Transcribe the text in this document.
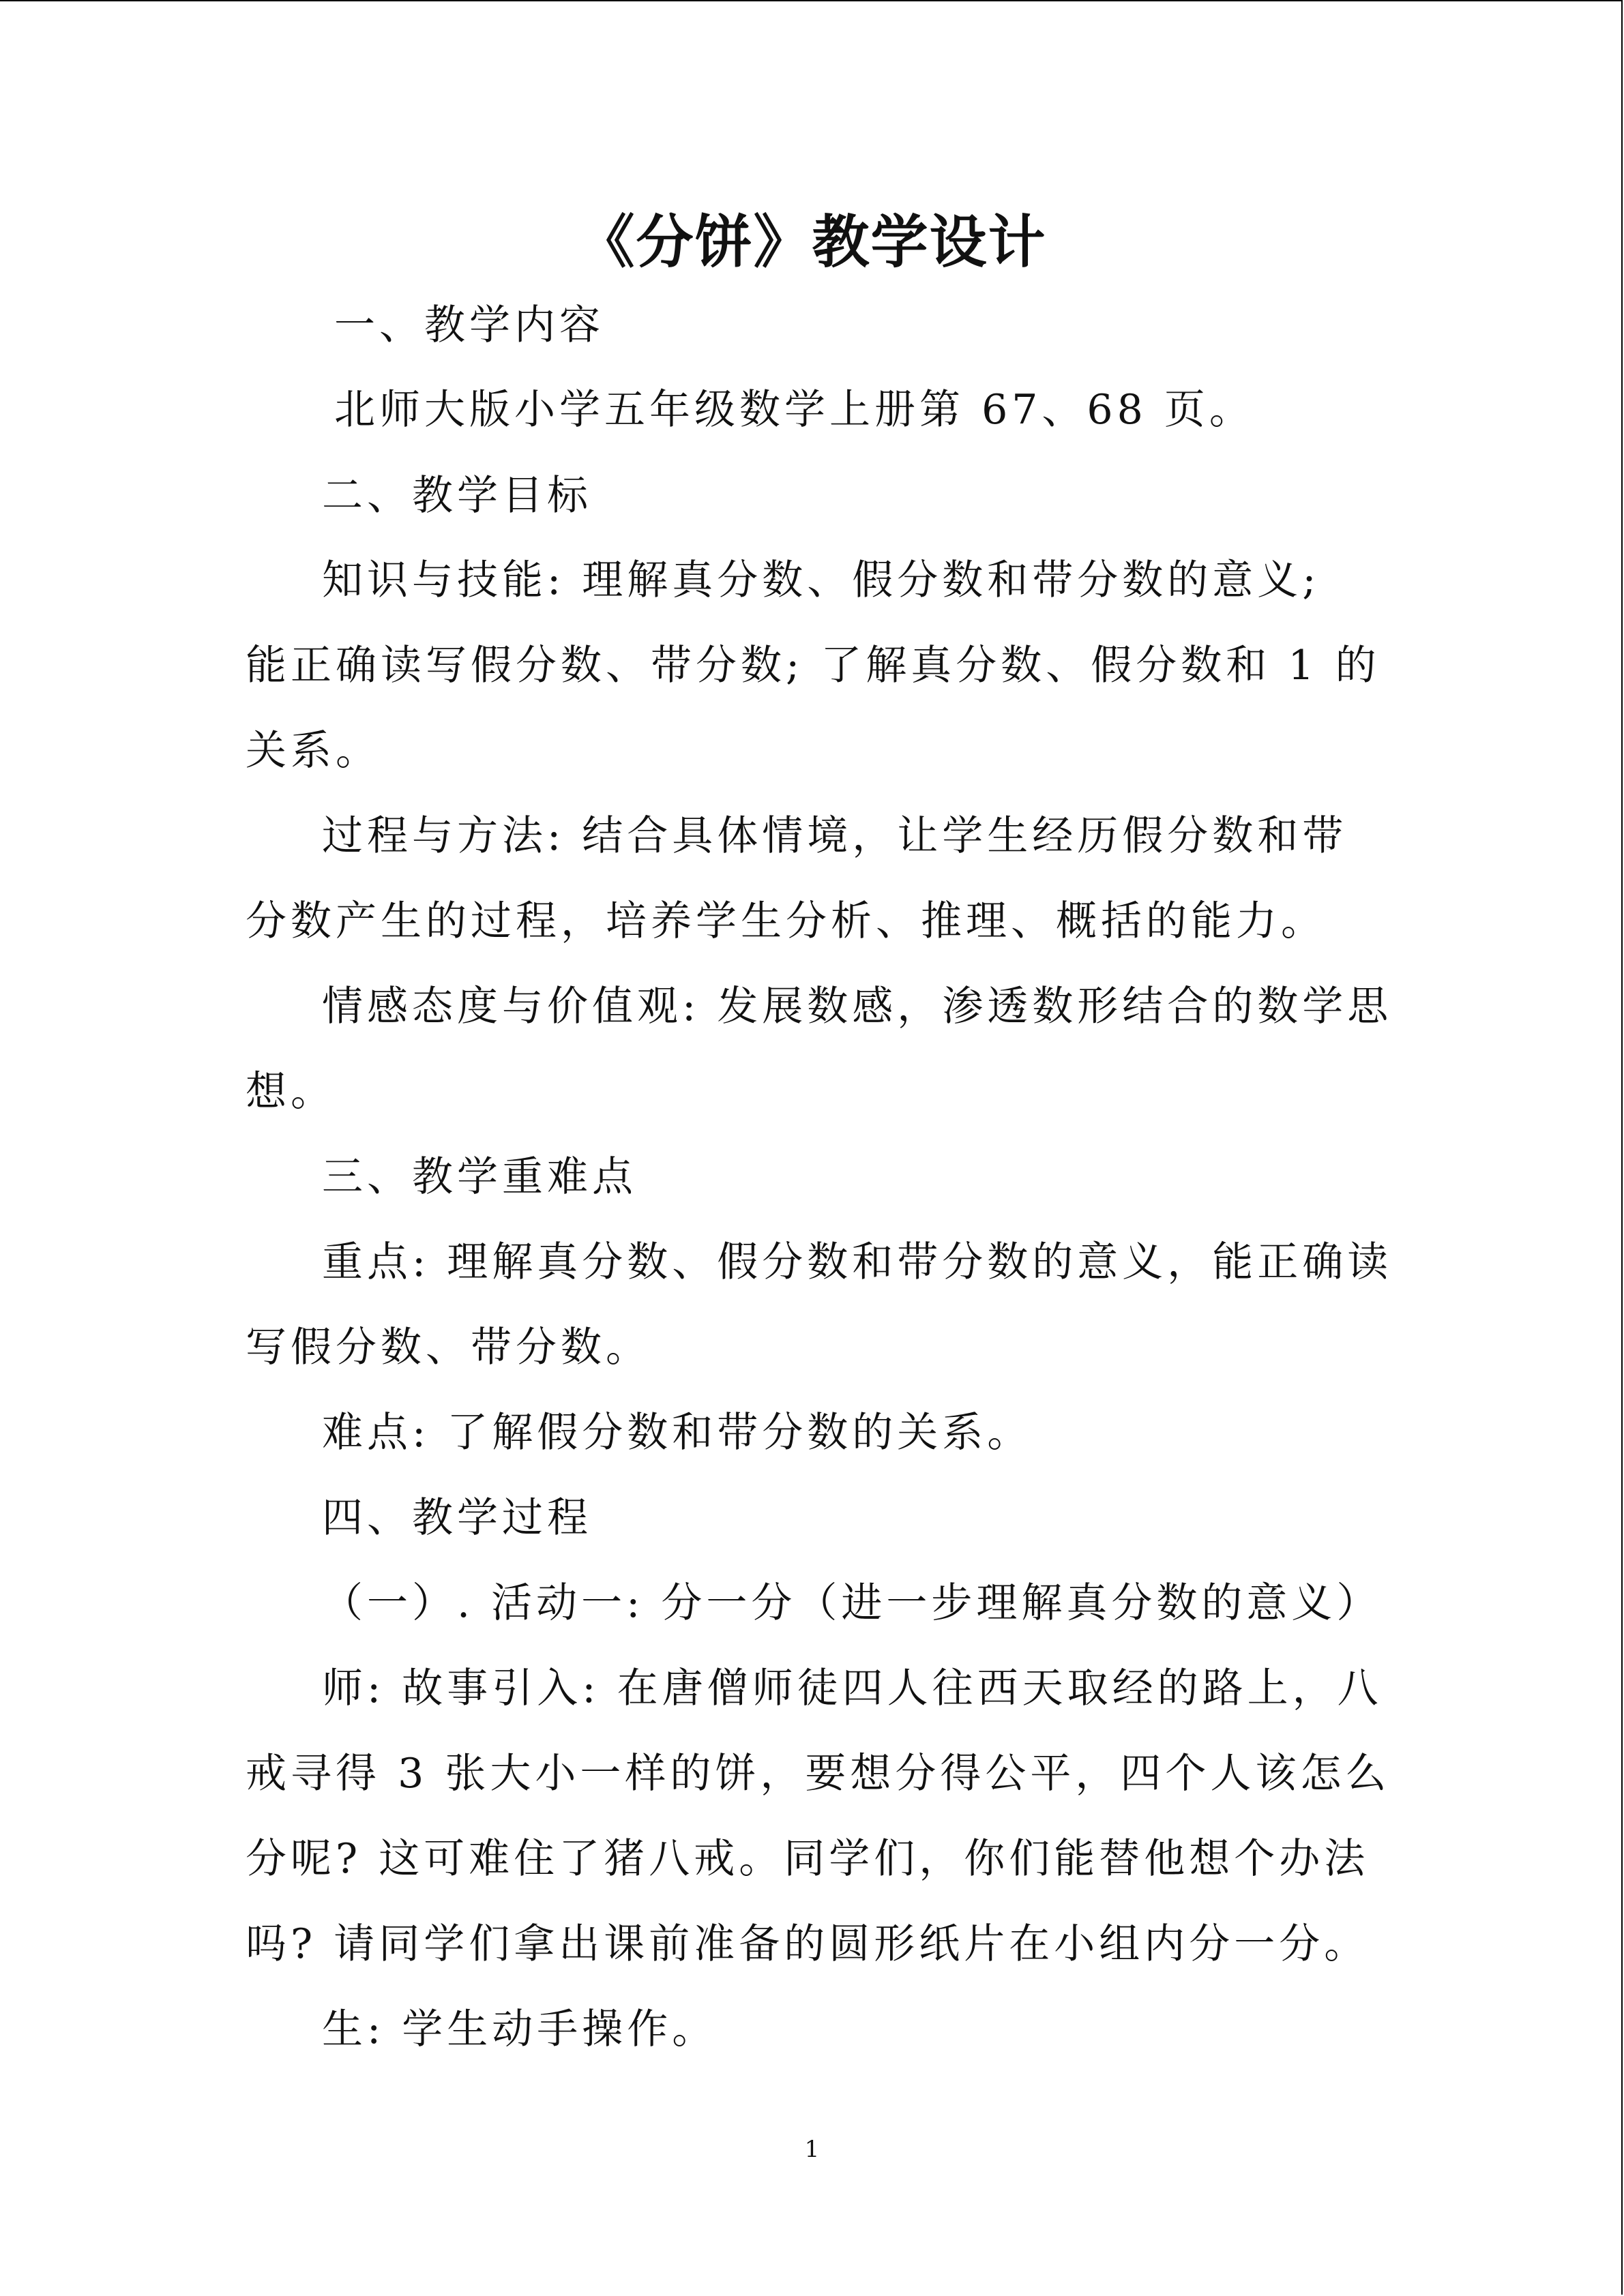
《分饼》教学设计
一、教学内容
北师大版小学五年级数学上册第 67、68 页。
二、教学目标
知识与技能: 理解真分数、假分数和带分数的意义;
能正确读写假分数、带分数; 了解真分数、假分数和 1 的
关系。
过程与方法: 结合具体情境，让学生经历假分数和带
分数产生的过程，培养学生分析、推理、概括的能力。
情感态度与价值观: 发展数感，渗透数形结合的数学思
想。
三、教学重难点
重点: 理解真分数、假分数和带分数的意义，能正确读
写假分数、带分数。
难点: 了解假分数和带分数的关系。
四、教学过程
（一）. 活动一: 分一分（进一步理解真分数的意义）
师: 故事引入: 在唐僧师徒四人往西天取经的路上，八
戒寻得 3 张大小一样的饼，要想分得公平，四个人该怎么
分呢? 这可难住了猪八戒。同学们，你们能替他想个办法
吗? 请同学们拿出课前准备的圆形纸片在小组内分一分。
生: 学生动手操作。
1
